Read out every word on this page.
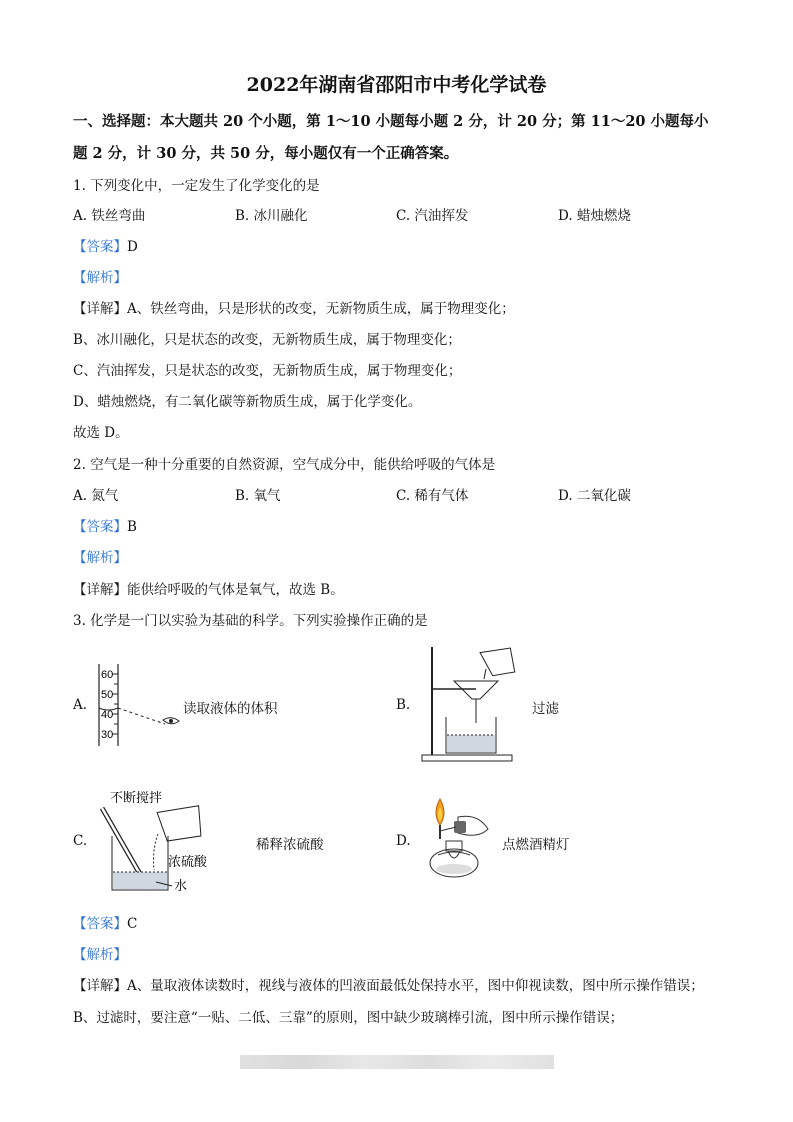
2022年湖南省邵阳市中考化学试卷
一、选择题：本大题共 20 个小题，第 1～10 小题每小题 2 分，计 20 分；第 11～20 小题每小
题 2 分，计 30 分，共 50 分，每小题仅有一个正确答案。
1. 下列变化中，一定发生了化学变化的是
A. 铁丝弯曲	B. 冰川融化	C. 汽油挥发	D. 蜡烛燃烧
【答案】D
【解析】
【详解】A、铁丝弯曲，只是形状的改变，无新物质生成，属于物理变化；
B、冰川融化，只是状态的改变，无新物质生成，属于物理变化；
C、汽油挥发，只是状态的改变，无新物质生成，属于物理变化；
D、蜡烛燃烧，有二氧化碳等新物质生成，属于化学变化。
故选 D。
2. 空气是一种十分重要的自然资源，空气成分中，能供给呼吸的气体是
A. 氮气	B. 氧气	C. 稀有气体	D. 二氧化碳
【答案】B
【解析】
【详解】能供给呼吸的气体是氧气，故选 B。
3. 化学是一门以实验为基础的科学。下列实验操作正确的是
A.
60
50
40
30
读取液体的体积	B.	过滤
C.
不断搅拌
浓硫酸
水
稀释浓硫酸	D.	点燃酒精灯
【答案】C
【解析】
【详解】A、量取液体读数时，视线与液体的凹液面最低处保持水平，图中仰视读数，图中所示操作错误；
B、过滤时，要注意“一贴、二低、三靠”的原则，图中缺少玻璃棒引流，图中所示操作错误；
